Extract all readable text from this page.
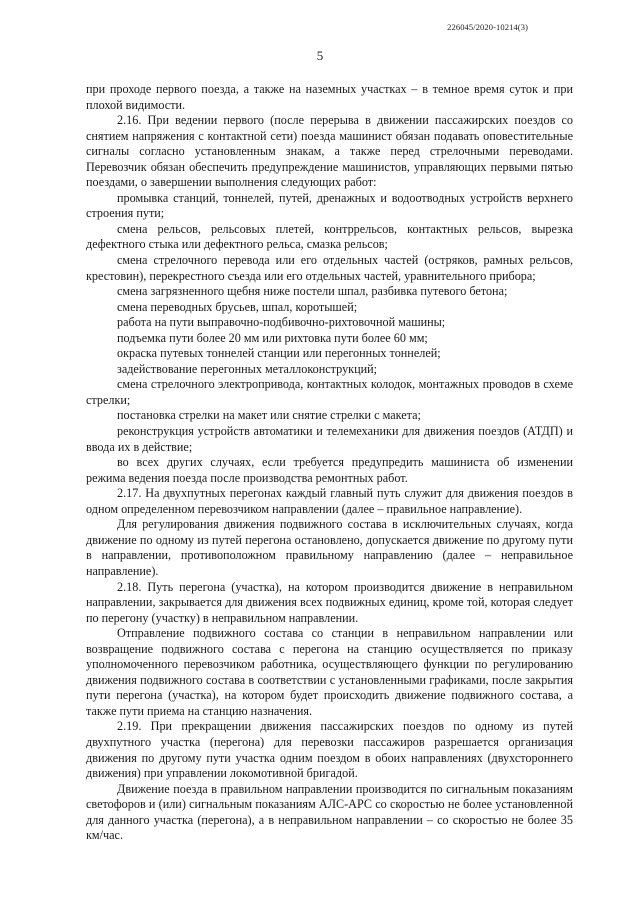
226045/2020-10214(3)
5

при проходе первого поезда, а также на наземных участках – в темное время суток и при плохой видимости.

2.16. При ведении первого (после перерыва в движении пассажирских поездов со снятием напряжения с контактной сети) поезда машинист обязан подавать оповестительные сигналы согласно установленным знакам, а также перед стрелочными переводами. Перевозчик обязан обеспечить предупреждение машинистов, управляющих первыми пятью поездами, о завершении выполнения следующих работ:

промывка станций, тоннелей, путей, дренажных и водоотводных устройств верхнего строения пути;

смена рельсов, рельсовых плетей, контррельсов, контактных рельсов, вырезка дефектного стыка или дефектного рельса, смазка рельсов;

смена стрелочного перевода или его отдельных частей (остряков, рамных рельсов, крестовин), перекрестного съезда или его отдельных частей, уравнительного прибора;

смена загрязненного щебня ниже постели шпал, разбивка путевого бетона;

смена переводных брусьев, шпал, коротышей;

работа на пути выправочно-подбивочно-рихтовочной машины;

подъемка пути более 20 мм или рихтовка пути более 60 мм;

окраска путевых тоннелей станции или перегонных тоннелей;

задействование перегонных металлоконструкций;

смена стрелочного электропривода, контактных колодок, монтажных проводов в схеме стрелки;

постановка стрелки на макет или снятие стрелки с макета;

реконструкция устройств автоматики и телемеханики для движения поездов (АТДП) и ввода их в действие;

во всех других случаях, если требуется предупредить машиниста об изменении режима ведения поезда после производства ремонтных работ.

2.17. На двухпутных перегонах каждый главный путь служит для движения поездов в одном определенном перевозчиком направлении (далее – правильное направление).

Для регулирования движения подвижного состава в исключительных случаях, когда движение по одному из путей перегона остановлено, допускается движение по другому пути в направлении, противоположном правильному направлению (далее – неправильное направление).

2.18. Путь перегона (участка), на котором производится движение в неправильном направлении, закрывается для движения всех подвижных единиц, кроме той, которая следует по перегону (участку) в неправильном направлении.

Отправление подвижного состава со станции в неправильном направлении или возвращение подвижного состава с перегона на станцию осуществляется по приказу уполномоченного перевозчиком работника, осуществляющего функции по регулированию движения подвижного состава в соответствии с установленными графиками, после закрытия пути перегона (участка), на котором будет происходить движение подвижного состава, а также пути приема на станцию назначения.

2.19. При прекращении движения пассажирских поездов по одному из путей двухпутного участка (перегона) для перевозки пассажиров разрешается организация движения по другому пути участка одним поездом в обоих направлениях (двухстороннего движения) при управлении локомотивной бригадой.

Движение поезда в правильном направлении производится по сигнальным показаниям светофоров и (или) сигнальным показаниям АЛС-АРС со скоростью не более установленной для данного участка (перегона), а в неправильном направлении – со скоростью не более 35 км/час.
